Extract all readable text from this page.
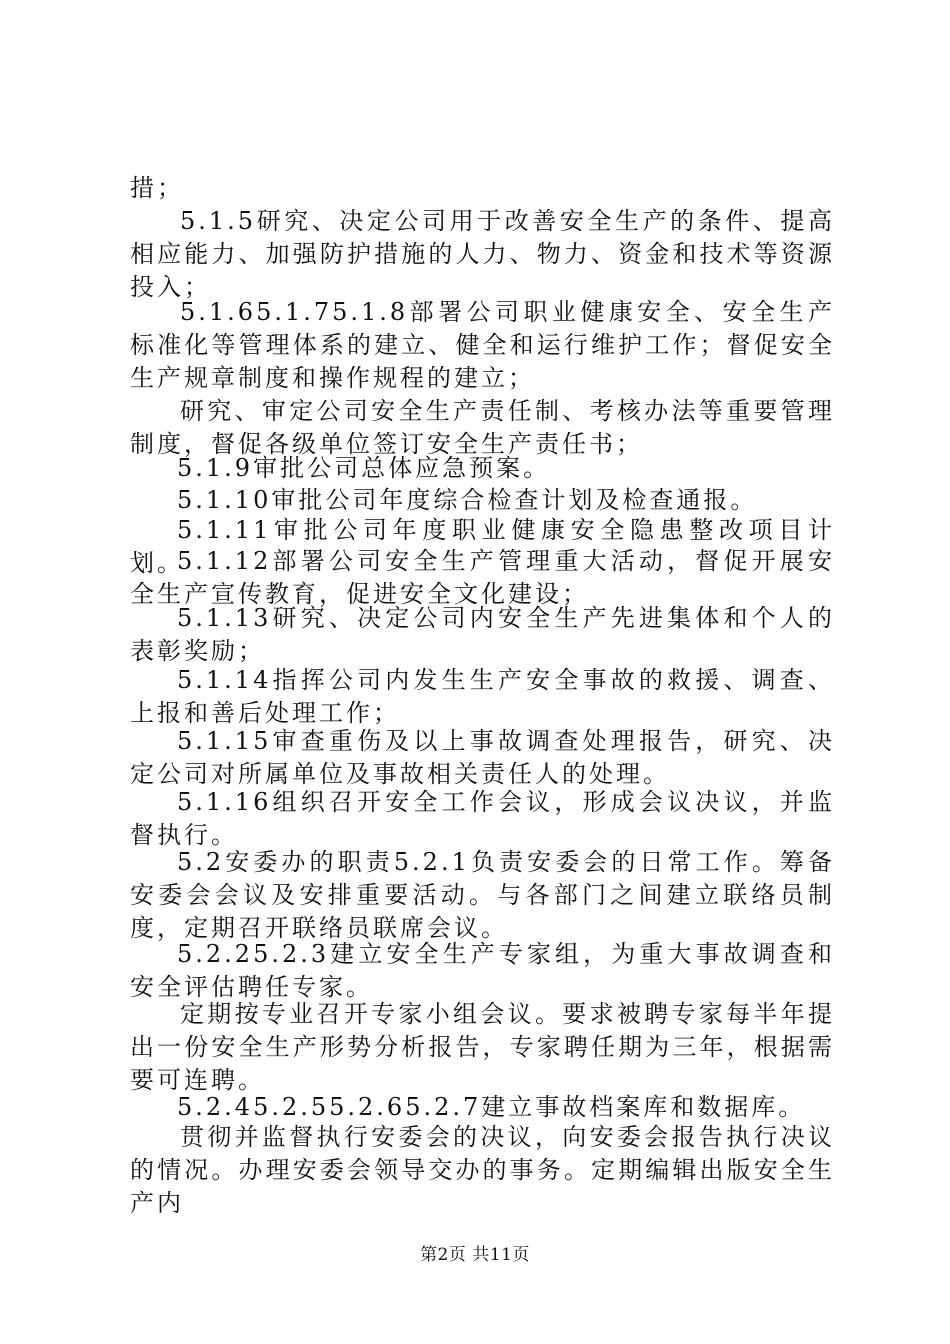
措；

5.1.5研究、决定公司用于改善安全生产的条件、提高相应能力、加强防护措施的人力、物力、资金和技术等资源投入；

5.1.65.1.75.1.8部署公司职业健康安全、安全生产标准化等管理体系的建立、健全和运行维护工作；督促安全生产规章制度和操作规程的建立；

研究、审定公司安全生产责任制、考核办法等重要管理制度，督促各级单位签订安全生产责任书；

5.1.9审批公司总体应急预案。

5.1.10审批公司年度综合检查计划及检查通报。

5.1.11审批公司年度职业健康安全隐患整改项目计划。

5.1.12部署公司安全生产管理重大活动，督促开展安全生产宣传教育，促进安全文化建设；

5.1.13研究、决定公司内安全生产先进集体和个人的表彰奖励；

5.1.14指挥公司内发生生产安全事故的救援、调查、上报和善后处理工作；

5.1.15审查重伤及以上事故调查处理报告，研究、决定公司对所属单位及事故相关责任人的处理。

5.1.16组织召开安全工作会议，形成会议决议，并监督执行。

5.2安委办的职责5.2.1负责安委会的日常工作。筹备安委会会议及安排重要活动。与各部门之间建立联络员制度，定期召开联络员联席会议。

5.2.25.2.3建立安全生产专家组，为重大事故调查和安全评估聘任专家。

定期按专业召开专家小组会议。要求被聘专家每半年提出一份安全生产形势分析报告，专家聘任期为三年，根据需要可连聘。

5.2.45.2.55.2.65.2.7建立事故档案库和数据库。

贯彻并监督执行安委会的决议，向安委会报告执行决议的情况。办理安委会领导交办的事务。定期编辑出版安全生产内

第2页 共11页
